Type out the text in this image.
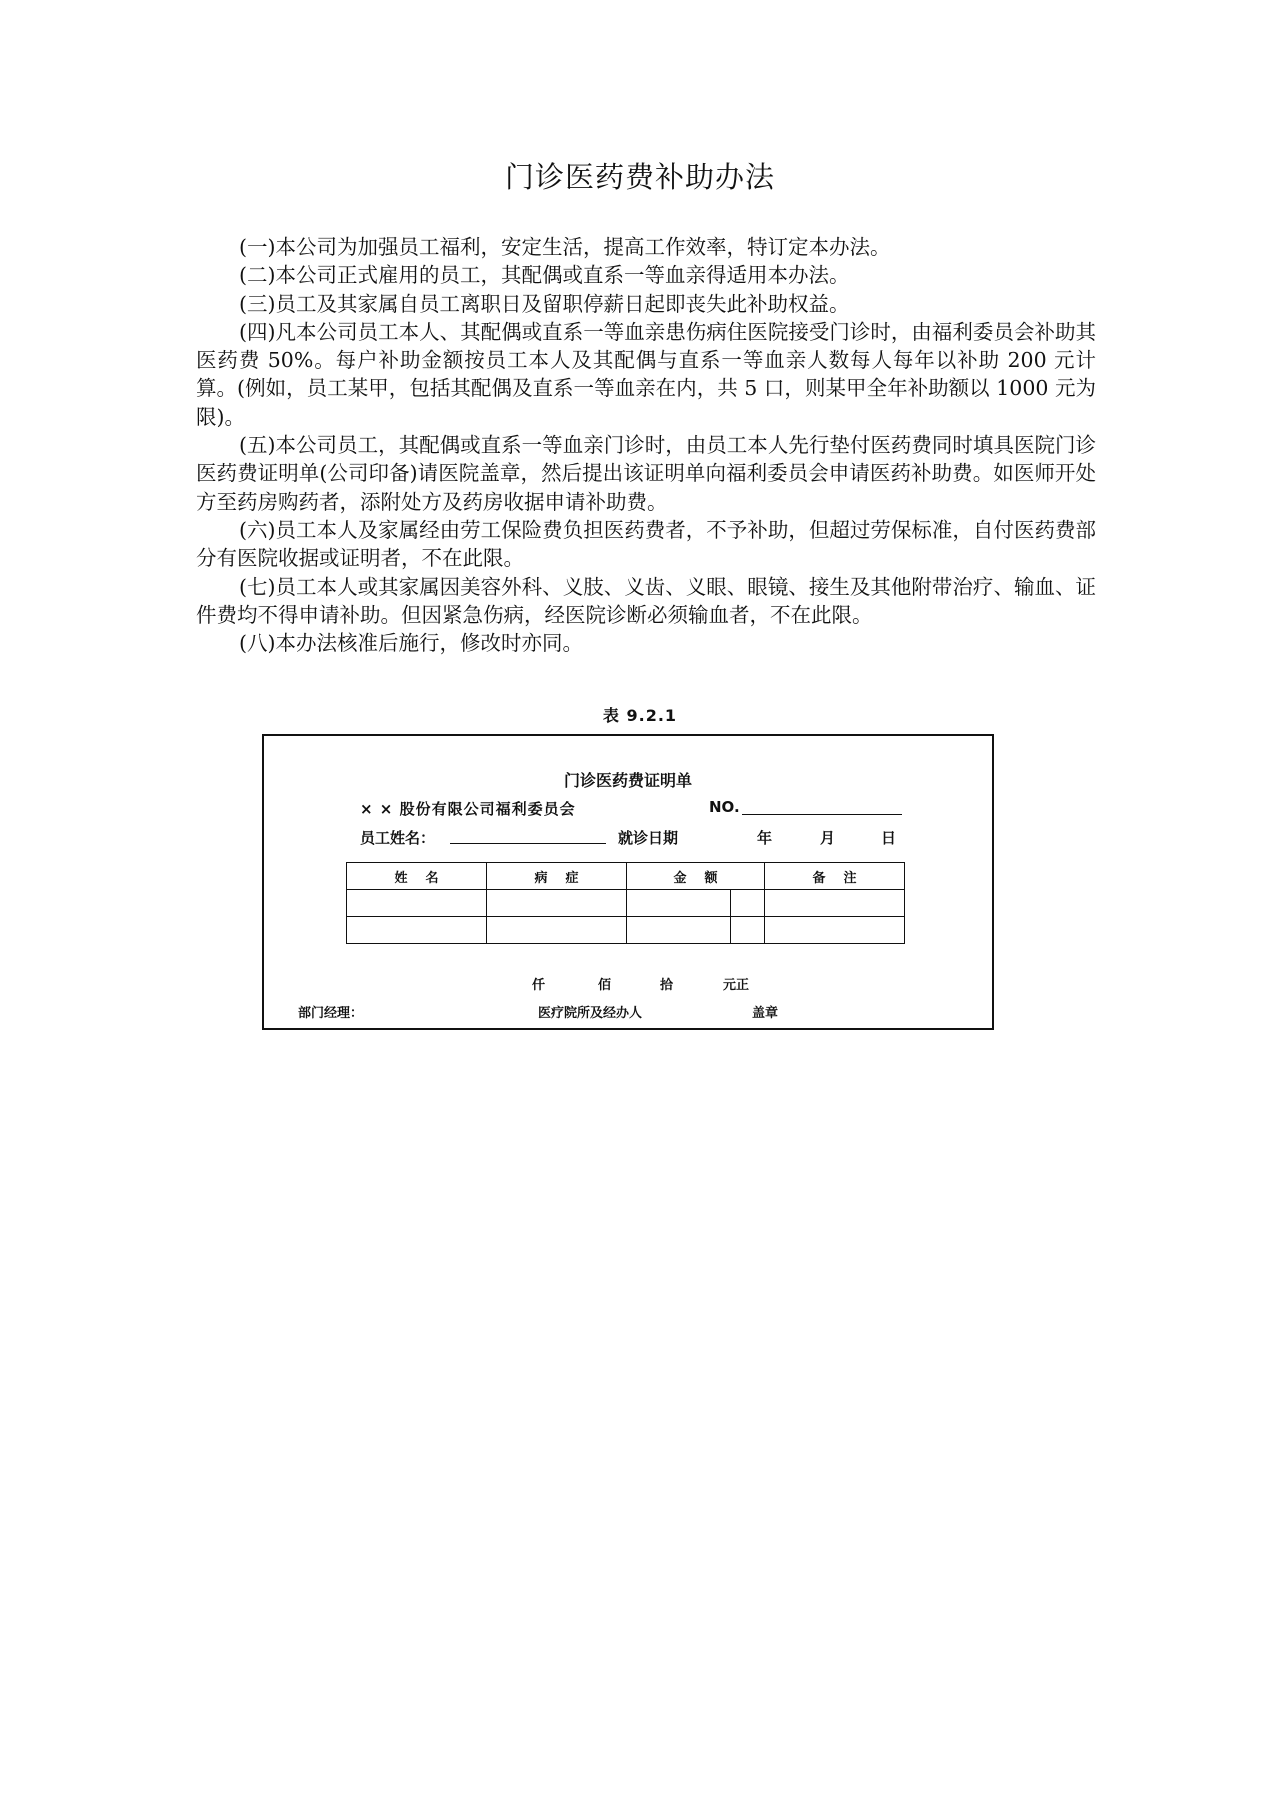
门诊医药费补助办法

(一)本公司为加强员工福利，安定生活，提高工作效率，特订定本办法。

(二)本公司正式雇用的员工，其配偶或直系一等血亲得适用本办法。

(三)员工及其家属自员工离职日及留职停薪日起即丧失此补助权益。

(四)凡本公司员工本人、其配偶或直系一等血亲患伤病住医院接受门诊时，由福利委员会补助其医药费 50%。每户补助金额按员工本人及其配偶与直系一等血亲人数每人每年以补助 200 元计算。(例如，员工某甲，包括其配偶及直系一等血亲在内，共 5 口，则某甲全年补助额以 1000 元为限)。

(五)本公司员工，其配偶或直系一等血亲门诊时，由员工本人先行垫付医药费同时填具医院门诊医药费证明单(公司印备)请医院盖章，然后提出该证明单向福利委员会申请医药补助费。如医师开处方至药房购药者，添附处方及药房收据申请补助费。

(六)员工本人及家属经由劳工保险费负担医药费者，不予补助，但超过劳保标准，自付医药费部分有医院收据或证明者，不在此限。

(七)员工本人或其家属因美容外科、义肢、义齿、义眼、眼镜、接生及其他附带治疗、输血、证件费均不得申请补助。但因紧急伤病，经医院诊断必须输血者，不在此限。

(八)本办法核准后施行，修改时亦同。

表 9.2.1
门诊医药费证明单
× × 股份有限公司福利委员会	NO.
员工姓名：	就诊日期	年	月	日
姓名	病症	金额		备注

仟	佰	拾	元正
部门经理：	医疗院所及经办人	盖章
